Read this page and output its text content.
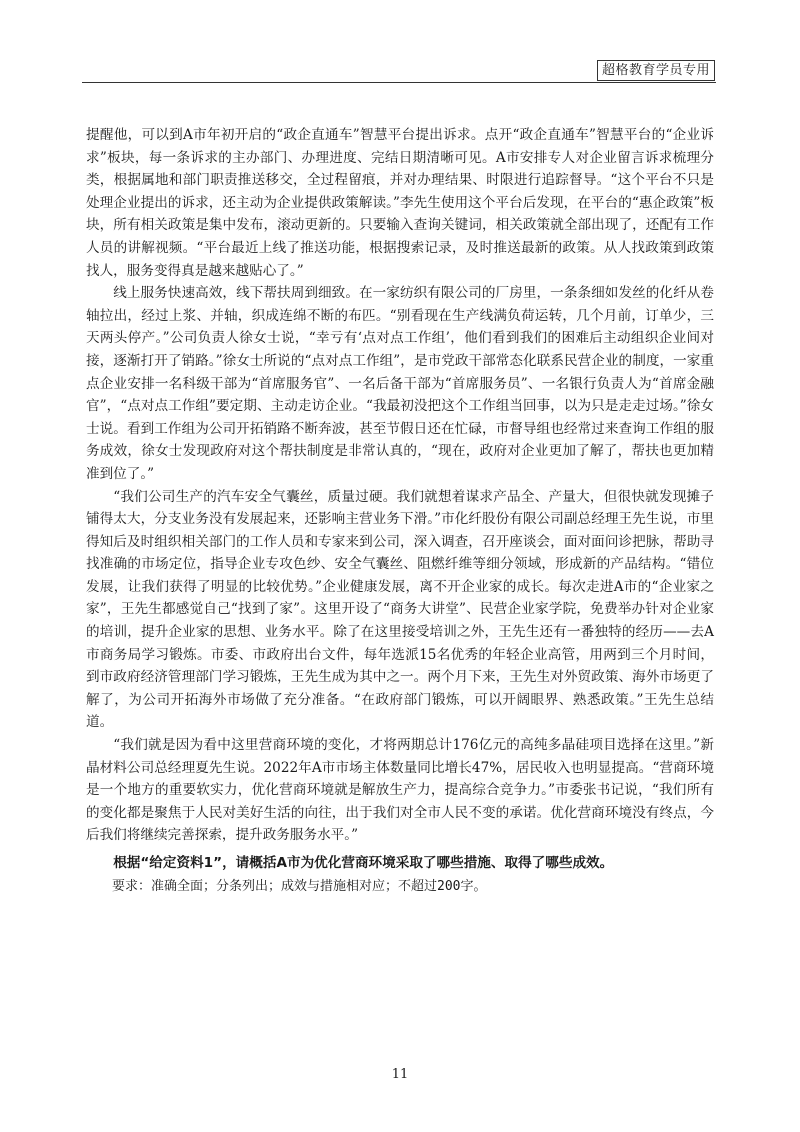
超格教育学员专用

提醒他，可以到A市年初开启的“政企直通车”智慧平台提出诉求。点开“政企直通车”智慧平台的“企业诉求”板块，每一条诉求的主办部门、办理进度、完结日期清晰可见。A市安排专人对企业留言诉求梳理分类，根据属地和部门职责推送移交，全过程留痕，并对办理结果、时限进行追踪督导。“这个平台不只是处理企业提出的诉求，还主动为企业提供政策解读。”李先生使用这个平台后发现，在平台的“惠企政策”板块，所有相关政策是集中发布，滚动更新的。只要输入查询关键词，相关政策就全部出现了，还配有工作人员的讲解视频。“平台最近上线了推送功能，根据搜索记录，及时推送最新的政策。从人找政策到政策找人，服务变得真是越来越贴心了。”

线上服务快速高效，线下帮扶周到细致。在一家纺织有限公司的厂房里，一条条细如发丝的化纤从卷轴拉出，经过上浆、并轴，织成连绵不断的布匹。“别看现在生产线满负荷运转，几个月前，订单少，三天两头停产。”公司负责人徐女士说，“幸亏有‘点对点工作组’，他们看到我们的困难后主动组织企业间对接，逐渐打开了销路。”徐女士所说的“点对点工作组”，是市党政干部常态化联系民营企业的制度，一家重点企业安排一名科级干部为“首席服务官”、一名后备干部为“首席服务员”、一名银行负责人为“首席金融官”，“点对点工作组”要定期、主动走访企业。“我最初没把这个工作组当回事，以为只是走走过场。”徐女士说。看到工作组为公司开拓销路不断奔波，甚至节假日还在忙碌，市督导组也经常过来查询工作组的服务成效，徐女士发现政府对这个帮扶制度是非常认真的，“现在，政府对企业更加了解了，帮扶也更加精准到位了。”

“我们公司生产的汽车安全气囊丝，质量过硬。我们就想着谋求产品全、产量大，但很快就发现摊子铺得太大，分支业务没有发展起来，还影响主营业务下滑。”市化纤股份有限公司副总经理王先生说，市里得知后及时组织相关部门的工作人员和专家来到公司，深入调查，召开座谈会，面对面问诊把脉，帮助寻找准确的市场定位，指导企业专攻色纱、安全气囊丝、阻燃纤维等细分领域，形成新的产品结构。“错位发展，让我们获得了明显的比较优势。”企业健康发展，离不开企业家的成长。每次走进A市的“企业家之家”，王先生都感觉自己“找到了家”。这里开设了“商务大讲堂”、民营企业家学院，免费举办针对企业家的培训，提升企业家的思想、业务水平。除了在这里接受培训之外，王先生还有一番独特的经历——去A市商务局学习锻炼。市委、市政府出台文件，每年选派15名优秀的年轻企业高管，用两到三个月时间，到市政府经济管理部门学习锻炼，王先生成为其中之一。两个月下来，王先生对外贸政策、海外市场更了解了，为公司开拓海外市场做了充分准备。“在政府部门锻炼，可以开阔眼界、熟悉政策。”王先生总结道。

“我们就是因为看中这里营商环境的变化，才将两期总计176亿元的高纯多晶硅项目选择在这里。”新晶材料公司总经理夏先生说。2022年A市市场主体数量同比增长47%，居民收入也明显提高。“营商环境是一个地方的重要软实力，优化营商环境就是解放生产力，提高综合竞争力。”市委张书记说，“我们所有的变化都是聚焦于人民对美好生活的向往，出于我们对全市人民不变的承诺。优化营商环境没有终点，今后我们将继续完善探索，提升政务服务水平。”

根据“给定资料1”，请概括A市为优化营商环境采取了哪些措施、取得了哪些成效。

要求：准确全面；分条列出；成效与措施相对应；不超过200字。

11
